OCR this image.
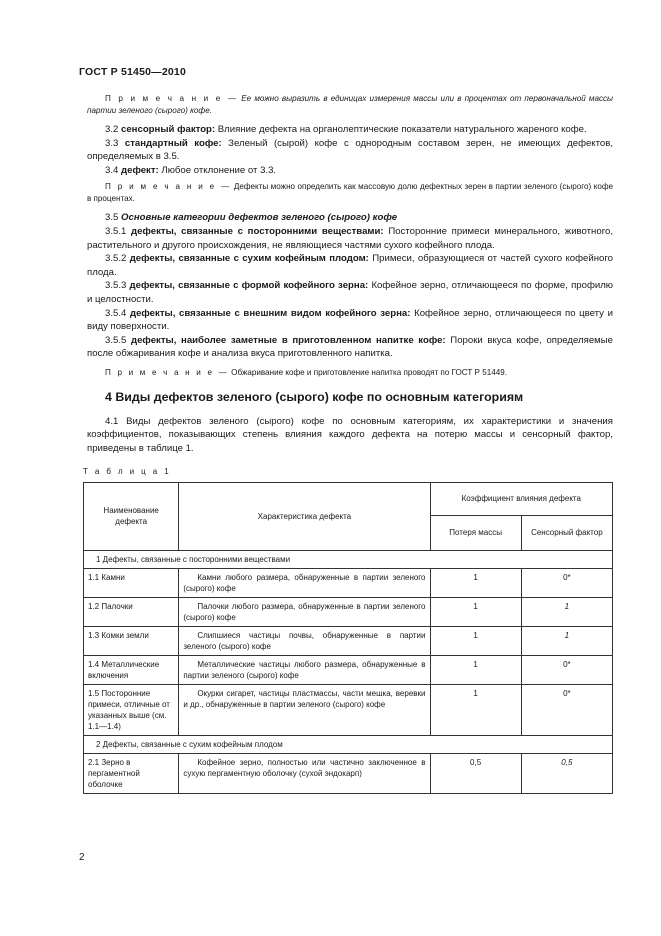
ГОСТ Р 51450—2010

П р и м е ч а н и е — Ее можно выразить в единицах измерения массы или в процентах от первоначальной массы партии зеленого (сырого) кофе.

3.2 сенсорный фактор: Влияние дефекта на органолептические показатели натурального жареного кофе.

3.3 стандартный кофе: Зеленый (сырой) кофе с однородным составом зерен, не имеющих дефектов, определяемых в 3.5.

3.4 дефект: Любое отклонение от 3.3.

П р и м е ч а н и е — Дефекты можно определить как массовую долю дефектных зерен в партии зеленого (сырого) кофе в процентах.

3.5 Основные категории дефектов зеленого (сырого) кофе

3.5.1 дефекты, связанные с посторонними веществами: Посторонние примеси минерального, животного, растительного и другого происхождения, не являющиеся частями сухого кофейного плода.

3.5.2 дефекты, связанные с сухим кофейным плодом: Примеси, образующиеся от частей сухого кофейного плода.

3.5.3 дефекты, связанные с формой кофейного зерна: Кофейное зерно, отличающееся по форме, профилю и целостности.

3.5.4 дефекты, связанные с внешним видом кофейного зерна: Кофейное зерно, отличающееся по цвету и виду поверхности.

3.5.5 дефекты, наиболее заметные в приготовленном напитке кофе: Пороки вкуса кофе, определяемые после обжаривания кофе и анализа вкуса приготовленного напитка.

П р и м е ч а н и е — Обжаривание кофе и приготовление напитка проводят по ГОСТ Р 51449.

4 Виды дефектов зеленого (сырого) кофе по основным категориям

4.1 Виды дефектов зеленого (сырого) кофе по основным категориям, их характеристики и значения коэффициентов, показывающих степень влияния каждого дефекта на потерю массы и сенсорный фактор, приведены в таблице 1.

Т а б л и ц а 1
Наименование дефекта	Характеристика дефекта	Коэффициент влияния дефекта	
		Потеря массы	Сенсорный фактор
1 Дефекты, связанные с посторонними веществами			
1.1 Камни	Камни любого размера, обнаруженные в партии зеленого (сырого) кофе	1	0*
1.2 Палочки	Палочки любого размера, обнаруженные в партии зеленого (сырого) кофе	1	1
1.3 Комки земли	Слипшиеся частицы почвы, обнаруженные в партии зеленого (сырого) кофе	1	1
1.4 Металлические включения	Металлические частицы любого размера, обнаруженные в партии зеленого (сырого) кофе	1	0*
1.5 Посторонние примеси, отличные от указанных выше (см. 1.1—1.4)	Окурки сигарет, частицы пластмассы, части мешка, веревки и др., обнаруженные в партии зеленого (сырого) кофе	1	0*
2 Дефекты, связанные с сухим кофейным плодом			
2.1 Зерно в пергаментной оболочке	Кофейное зерно, полностью или частично заключенное в сухую пергаментную оболочку (сухой эндокарп)	0,5	0,5
2
